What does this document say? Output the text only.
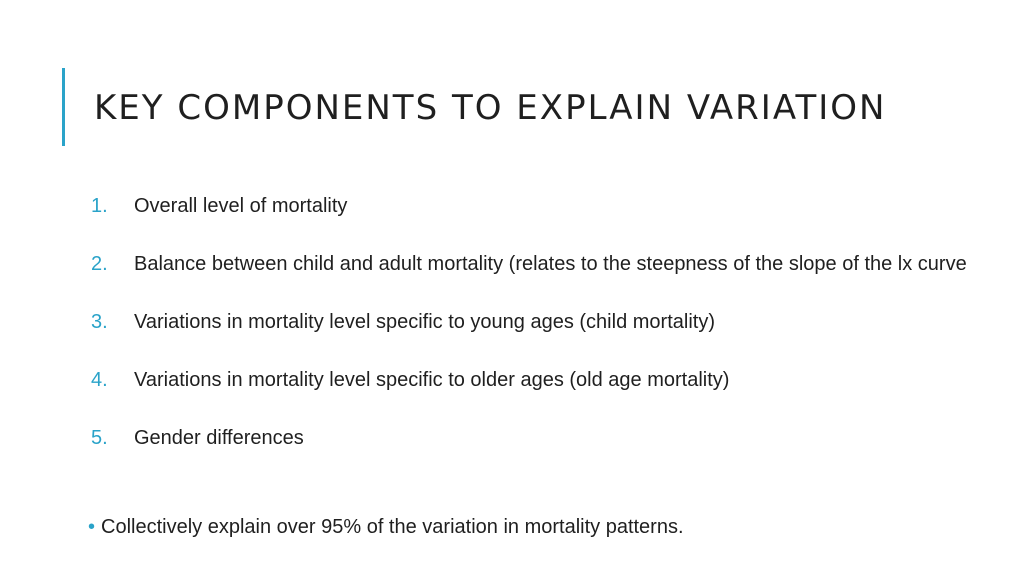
KEY COMPONENTS TO EXPLAIN VARIATION
1. Overall level of mortality
2. Balance between child and adult mortality (relates to the steepness of the slope of the lx curve
3. Variations in mortality level specific to young ages (child mortality)
4. Variations in mortality level specific to older ages (old age mortality)
5. Gender differences
• Collectively explain over 95% of the variation in mortality patterns.
